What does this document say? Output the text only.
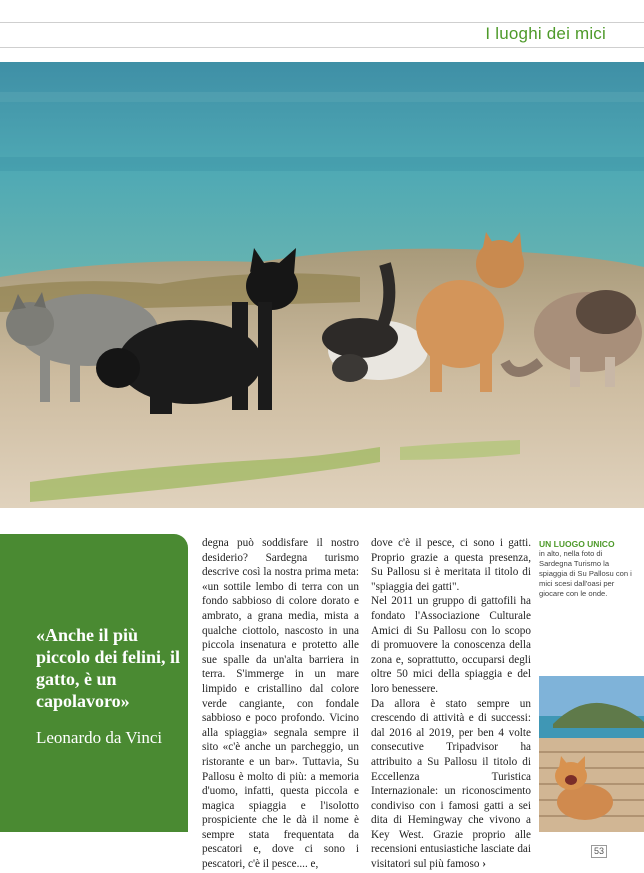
I luoghi dei mici
«Anche il più piccolo dei felini, il gatto, è un capolavoro»
Leonardo da Vinci

degna può soddisfare il nostro desiderio? Sardegna turismo descrive così la nostra prima meta: «un sottile lembo di terra con un fondo sabbioso di colore dorato e ambrato, a grana media, mista a qualche ciottolo, nascosto in una piccola insenatura e protetto alle sue spalle da un'alta barriera in terra. S'immerge in un mare limpido e cristallino dal colore verde cangiante, con fondale sabbioso e poco profondo. Vicino alla spiaggia» segnala sempre il sito «c'è anche un parcheggio, un ristorante e un bar». Tuttavia, Su Pallosu è molto di più: a memoria d'uomo, infatti, questa piccola e magica spiaggia e l'isolotto prospiciente che le dà il nome è sempre stata frequentata da pescatori e, dove ci sono i pescatori, c'è il pesce.... e,

dove c'è il pesce, ci sono i gatti. Proprio grazie a questa presenza, Su Pallosu si è meritata il titolo di "spiaggia dei gatti".

Nel 2011 un gruppo di gattofili ha fondato l'Associazione Culturale Amici di Su Pallosu con lo scopo di promuovere la conoscenza della zona e, soprattutto, occuparsi degli oltre 50 mici della spiaggia e del loro benessere.

Da allora è stato sempre un crescendo di attività e di successi: dal 2016 al 2019, per ben 4 volte consecutive Tripadvisor ha attribuito a Su Pallosu il titolo di Eccellenza Turistica Internazionale: un riconoscimento condiviso con i famosi gatti a sei dita di Hemingway che vivono a Key West. Grazie proprio alle recensioni entusiastiche lasciate dai visitatori sul più famoso ›

UN LUOGO UNICO
in alto, nella foto di Sardegna Turismo la spiaggia di Su Pallosu con i mici scesi dall'oasi per giocare con le onde.
53
